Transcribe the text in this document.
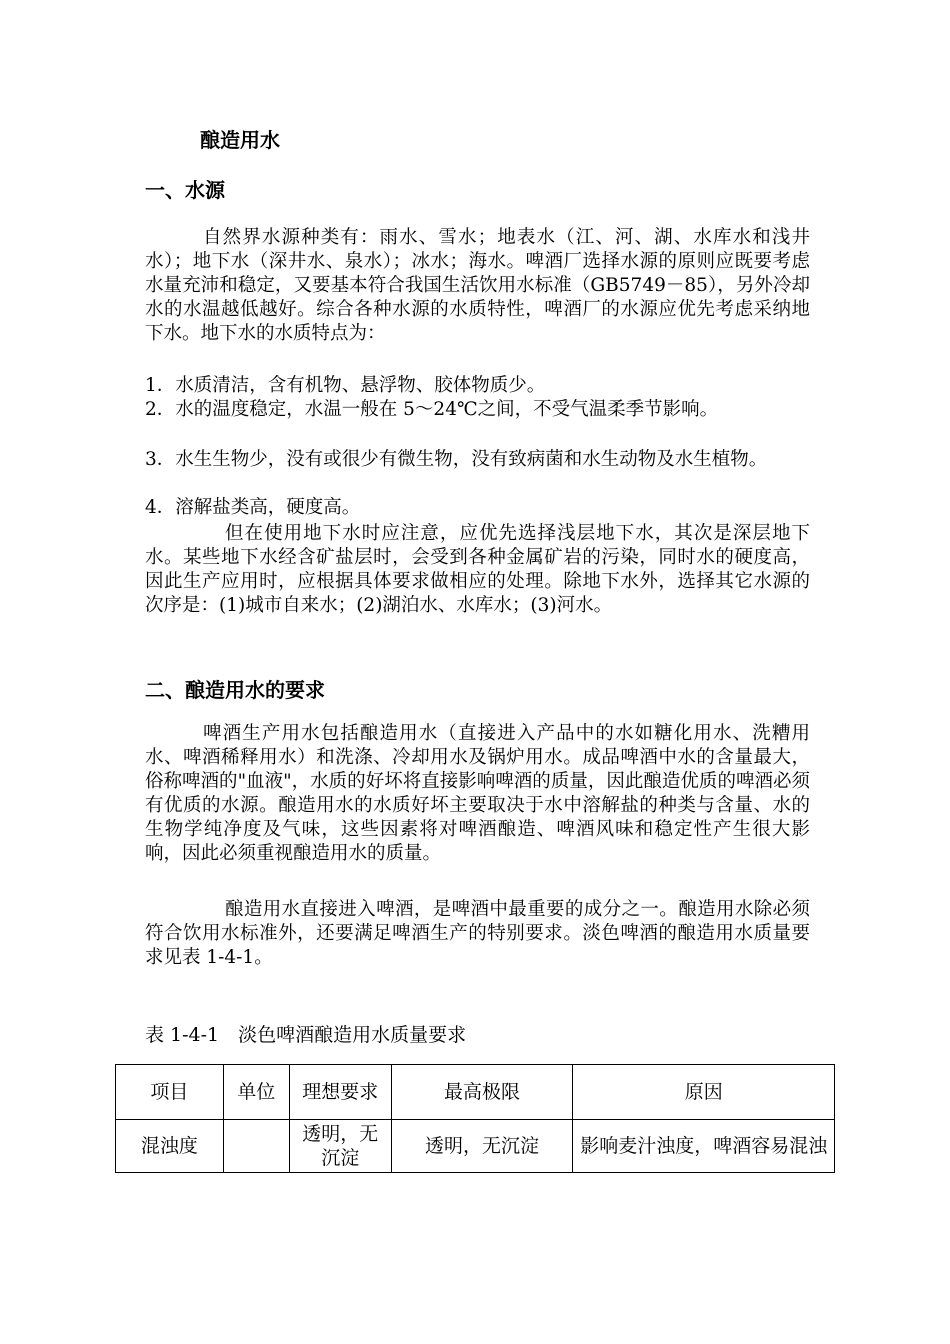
酿造用水
一、水源

自然界水源种类有：雨水、雪水；地表水（江、河、湖、水库水和浅井水）；地下水（深井水、泉水）；冰水；海水。啤酒厂选择水源的原则应既要考虑水量充沛和稳定，又要基本符合我国生活饮用水标准（GB5749－85），另外冷却水的水温越低越好。综合各种水源的水质特性，啤酒厂的水源应优先考虑采纳地下水。地下水的水质特点为：

1．水质清洁，含有机物、悬浮物、胶体物质少。

2．水的温度稳定，水温一般在 5～24℃之间，不受气温柔季节影响。

3．水生生物少，没有或很少有微生物，没有致病菌和水生动物及水生植物。

4．溶解盐类高，硬度高。

但在使用地下水时应注意，应优先选择浅层地下水，其次是深层地下水。某些地下水经含矿盐层时，会受到各种金属矿岩的污染，同时水的硬度高，因此生产应用时，应根据具体要求做相应的处理。除地下水外，选择其它水源的次序是：(1)城市自来水；(2)湖泊水、水库水；(3)河水。

二、酿造用水的要求

啤酒生产用水包括酿造用水（直接进入产品中的水如糖化用水、洗糟用水、啤酒稀释用水）和洗涤、冷却用水及锅炉用水。成品啤酒中水的含量最大，俗称啤酒的"血液"，水质的好坏将直接影响啤酒的质量，因此酿造优质的啤酒必须有优质的水源。酿造用水的水质好坏主要取决于水中溶解盐的种类与含量、水的生物学纯净度及气味，这些因素将对啤酒酿造、啤酒风味和稳定性产生很大影响，因此必须重视酿造用水的质量。

酿造用水直接进入啤酒，是啤酒中最重要的成分之一。酿造用水除必须符合饮用水标准外，还要满足啤酒生产的特别要求。淡色啤酒的酿造用水质量要求见表 1-4-1。

表 1-4-1　淡色啤酒酿造用水质量要求

项目	单位	理想要求	最高极限	原因
混浊度		透明，无沉淀	透明，无沉淀	影响麦汁浊度，啤酒容易混浊
